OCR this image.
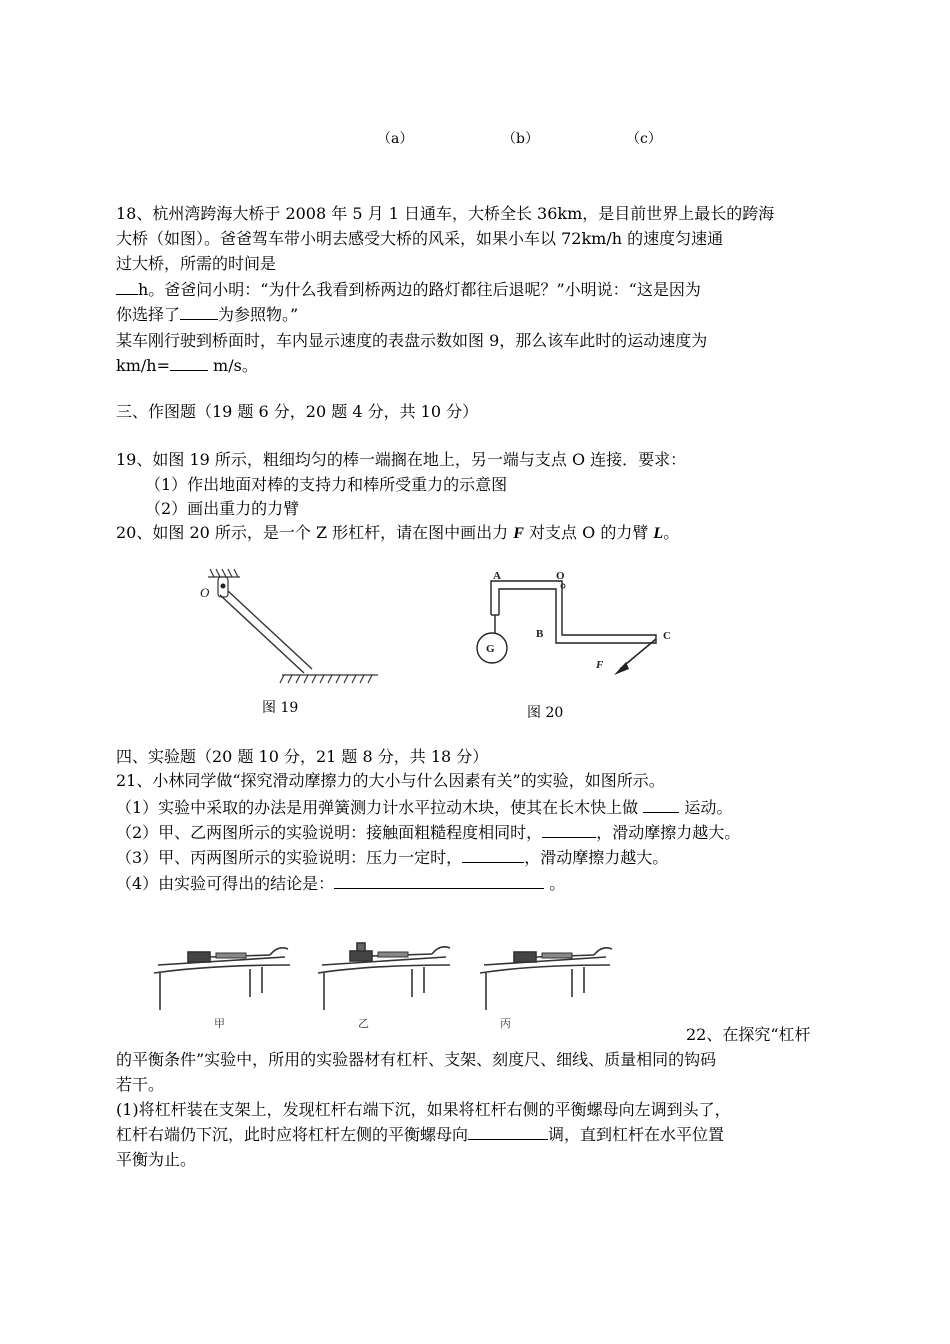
（a）	（b）	（c）
18、杭州湾跨海大桥于 2008 年 5 月 1 日通车，大桥全长 36km，是目前世界上最长的跨海
大桥（如图）。爸爸驾车带小明去感受大桥的风采，如果小车以 72km/h 的速度匀速通
过大桥，所需的时间是
h。爸爸问小明：“为什么我看到桥两边的路灯都往后退呢？”小明说：“这是因为
你选择了 为参照物。”
某车刚行驶到桥面时，车内显示速度的表盘示数如图 9，那么该车此时的运动速度为
km/h= m/s。
三、作图题（19 题 6 分，20 题 4 分，共 10 分）
19、如图 19 所示，粗细均匀的棒一端搁在地上，另一端与支点 O 连接．要求：
（1）作出地面对棒的支持力和棒所受重力的示意图
（2）画出重力的力臂
20、如图 20 所示，是一个 Z 形杠杆，请在图中画出力 F 对支点 O 的力臂 L。
O
图 19
A	O
B	C
G
F
图 20
四、实验题（20 题 10 分，21 题 8 分，共 18 分）
21、小林同学做“探究滑动摩擦力的大小与什么因素有关”的实验，如图所示。
（1）实验中采取的办法是用弹簧测力计水平拉动木块，使其在长木快上做	运动。
（2）甲、乙两图所示的实验说明：接触面粗糙程度相同时，	，滑动摩擦力越大。
（3）甲、丙两图所示的实验说明：压力一定时，	，滑动摩擦力越大。
（4）由实验可得出的结论是：	。
甲	乙	丙
22、在探究“杠杆
的平衡条件”实验中，所用的实验器材有杠杆、支架、刻度尺、细线、质量相同的钩码
若干。
(1)将杠杆装在支架上，发现杠杆右端下沉，如果将杠杆右侧的平衡螺母向左调到头了，
杠杆右端仍下沉，此时应将杠杆左侧的平衡螺母向	调，直到杠杆在水平位置
平衡为止。
